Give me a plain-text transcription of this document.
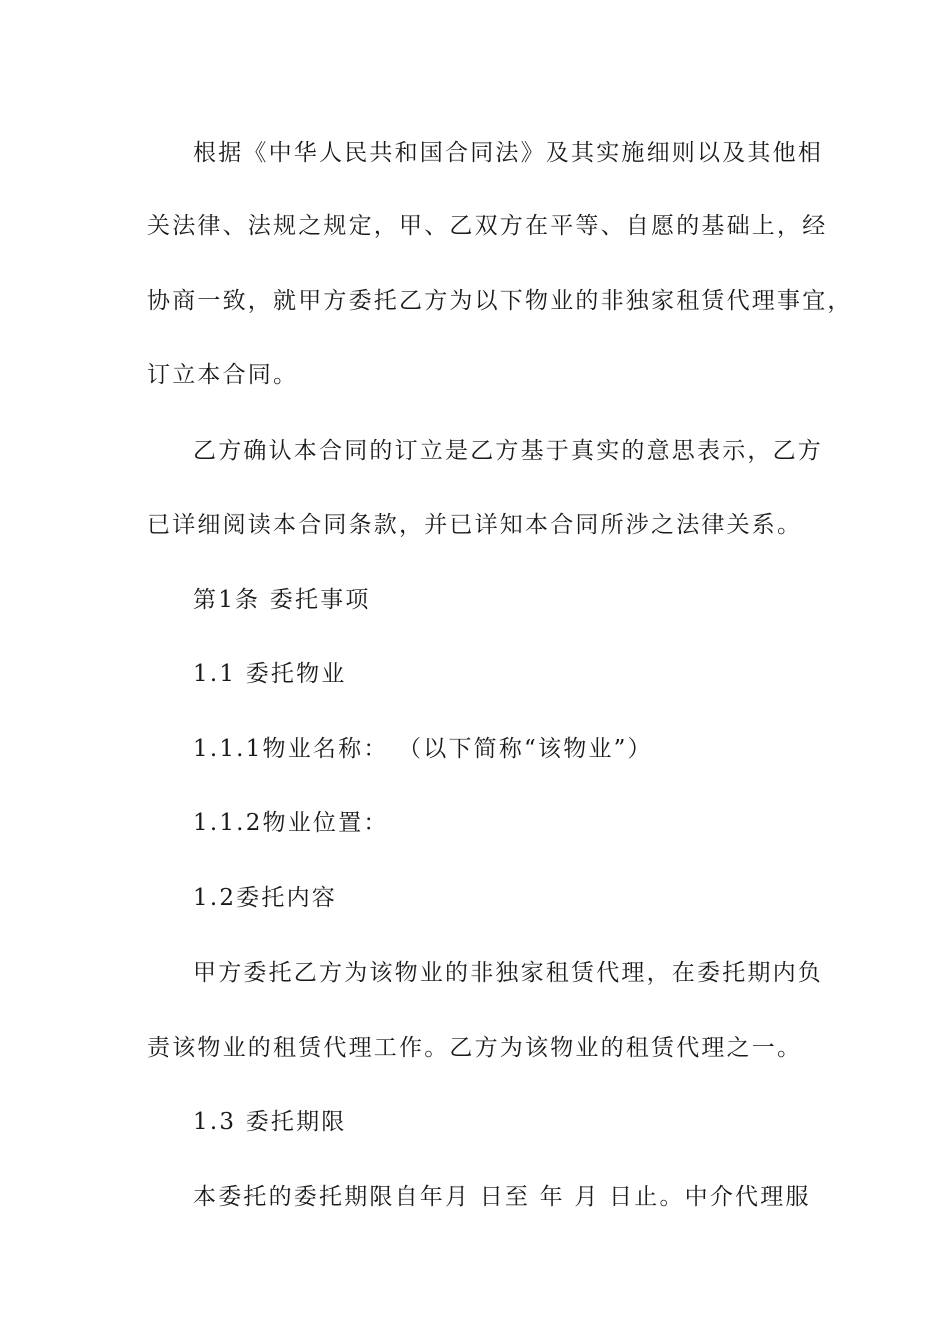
根据《中华人民共和国合同法》及其实施细则以及其他相
关法律、法规之规定，甲、乙双方在平等、自愿的基础上，经
协商一致，就甲方委托乙方为以下物业的非独家租赁代理事宜，
订立本合同。
乙方确认本合同的订立是乙方基于真实的意思表示，乙方
已详细阅读本合同条款，并已详知本合同所涉之法律关系。
第1条 委托事项
1.1 委托物业
1.1.1物业名称： （以下简称“该物业”）
1.1.2物业位置：
1.2委托内容
甲方委托乙方为该物业的非独家租赁代理，在委托期内负
责该物业的租赁代理工作。乙方为该物业的租赁代理之一。
1.3 委托期限
本委托的委托期限自年月 日至 年 月 日止。中介代理服
